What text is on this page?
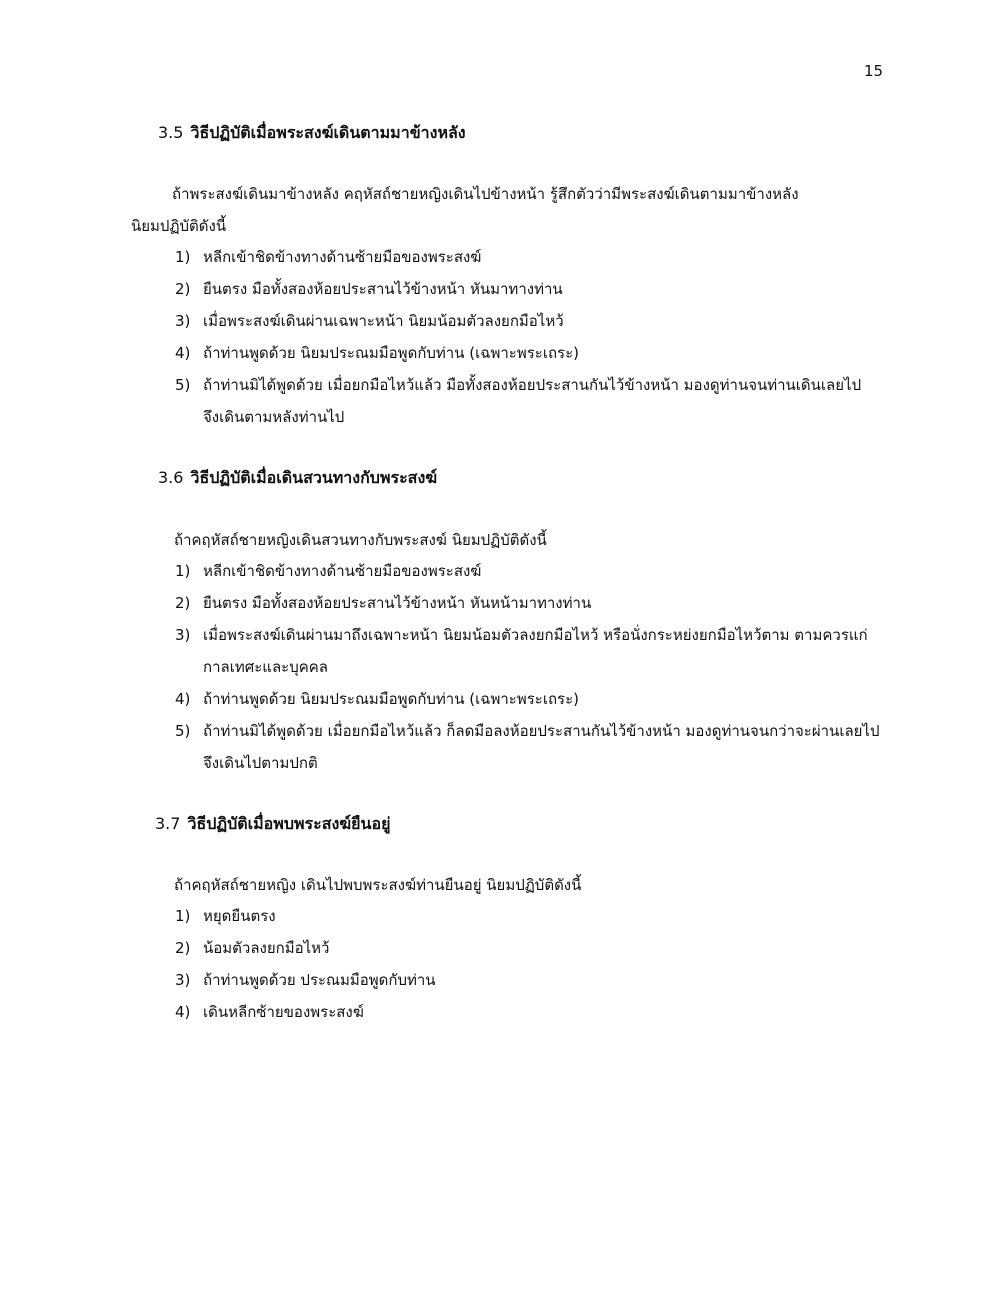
15
3.5 วิธีปฏิบัติเมื่อพระสงฆ์เดินตามมาข้างหลัง
ถ้าพระสงฆ์เดินมาข้างหลัง คฤหัสถ์ชายหญิงเดินไปข้างหน้า รู้สึกตัวว่ามีพระสงฆ์เดินตามมาข้างหลัง
นิยมปฏิบัติดังนี้
1) หลีกเข้าชิดข้างทางด้านซ้ายมือของพระสงฆ์
2) ยืนตรง มือทั้งสองห้อยประสานไว้ข้างหน้า หันมาทางท่าน
3) เมื่อพระสงฆ์เดินผ่านเฉพาะหน้า นิยมน้อมตัวลงยกมือไหว้
4) ถ้าท่านพูดด้วย นิยมประณมมือพูดกับท่าน (เฉพาะพระเถระ)
5) ถ้าท่านมิได้พูดด้วย เมื่อยกมือไหว้แล้ว มือทั้งสองห้อยประสานกันไว้ข้างหน้า มองดูท่านจนท่านเดินเลยไป
จึงเดินตามหลังท่านไป
3.6 วิธีปฏิบัติเมื่อเดินสวนทางกับพระสงฆ์
ถ้าคฤหัสถ์ชายหญิงเดินสวนทางกับพระสงฆ์ นิยมปฏิบัติดังนี้
1) หลีกเข้าชิดข้างทางด้านซ้ายมือของพระสงฆ์
2) ยืนตรง มือทั้งสองห้อยประสานไว้ข้างหน้า หันหน้ามาทางท่าน
3) เมื่อพระสงฆ์เดินผ่านมาถึงเฉพาะหน้า นิยมน้อมตัวลงยกมือไหว้ หรือนั่งกระหย่งยกมือไหว้ตาม ตามควรแก่
กาลเทศะและบุคคล
4) ถ้าท่านพูดด้วย นิยมประณมมือพูดกับท่าน (เฉพาะพระเถระ)
5) ถ้าท่านมิได้พูดด้วย เมื่อยกมือไหว้แล้ว ก็ลดมือลงห้อยประสานกันไว้ข้างหน้า มองดูท่านจนกว่าจะผ่านเลยไป
จึงเดินไปตามปกติ
3.7 วิธีปฏิบัติเมื่อพบพระสงฆ์ยืนอยู่
ถ้าคฤหัสถ์ชายหญิง เดินไปพบพระสงฆ์ท่านยืนอยู่ นิยมปฏิบัติดังนี้
1) หยุดยืนตรง
2) น้อมตัวลงยกมือไหว้
3) ถ้าท่านพูดด้วย ประณมมือพูดกับท่าน
4) เดินหลีกซ้ายของพระสงฆ์
